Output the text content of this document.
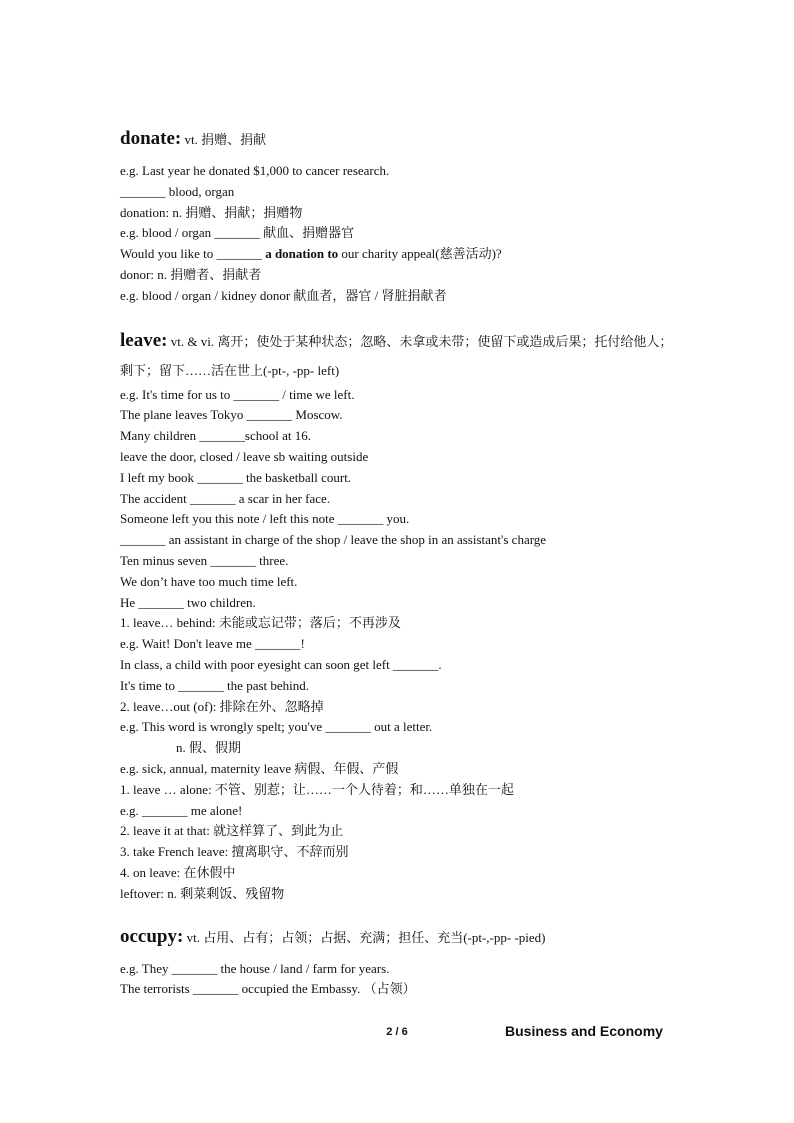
donate: vt. 捐赠、捐献
e.g. Last year he donated $1,000 to cancer research.
_______ blood, organ
donation: n. 捐赠、捐献；捐赠物
e.g. blood / organ _______ 献血、捐赠器官
Would you like to _______ a donation to our charity appeal(慈善活动)?
donor: n. 捐赠者、捐献者
e.g. blood / organ / kidney donor 献血者，器官 / 肾脏捐献者
leave: vt. & vi. 离开；使处于某种状态；忽略、未拿或未带；使留下或造成后果；托付给他人；剩下；留下……活在世上(-pt-, -pp- left)
e.g. It's time for us to _______ / time we left.
The plane leaves Tokyo _______ Moscow.
Many children _______school at 16.
leave the door, closed / leave sb waiting outside
I left my book _______ the basketball court.
The accident _______ a scar in her face.
Someone left you this note / left this note _______ you.
_______ an assistant in charge of the shop / leave the shop in an assistant's charge
Ten minus seven _______ three.
We don’t have too much time left.
He _______ two children.
1. leave… behind: 未能或忘记带；落后；不再涉及
e.g. Wait! Don't leave me _______!
In class, a child with poor eyesight can soon get left _______.
It's time to _______ the past behind.
2. leave…out (of): 排除在外、忽略掉
e.g. This word is wrongly spelt; you've _______ out a letter.
n. 假、假期
e.g. sick, annual, maternity leave 病假、年假、产假
1. leave … alone: 不管、别惹；让……一个人待着；和……单独在一起
e.g. _______ me alone!
2. leave it at that: 就这样算了、到此为止
3. take French leave: 擅离职守、不辞而别
4. on leave: 在休假中
leftover: n. 剩菜剩饭、残留物
occupy: vt. 占用、占有；占领；占据、充满；担任、充当(-pt-,-pp- -pied)
e.g. They _______ the house / land / farm for years.
The terrorists _______ occupied the Embassy. （占领）
2 / 6	Business and Economy
